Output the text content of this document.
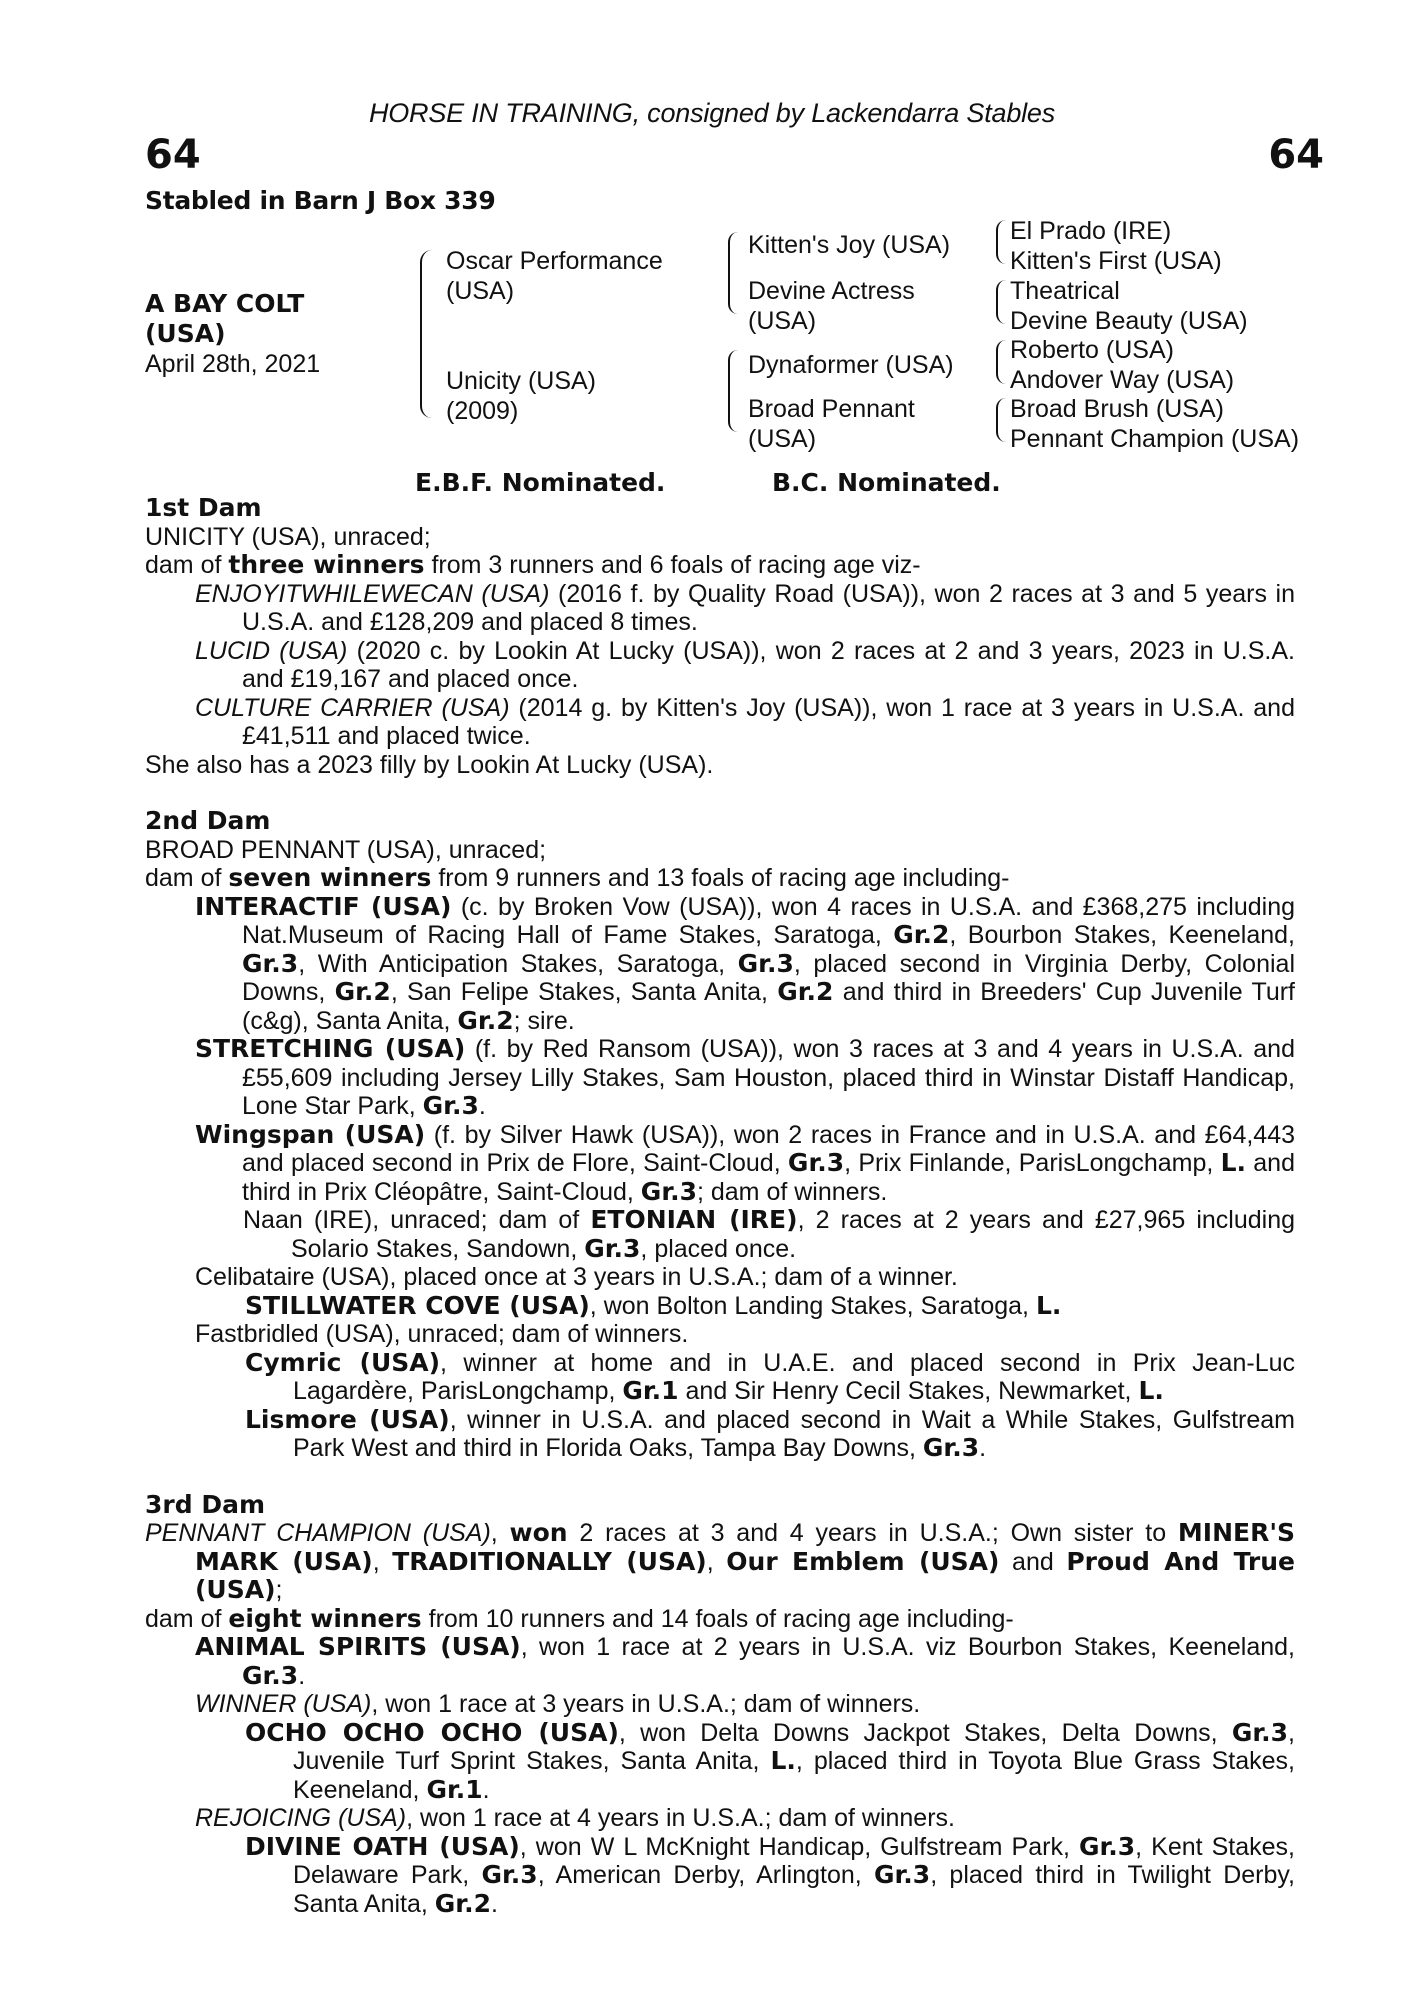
HORSE IN TRAINING, consigned by Lackendarra Stables
64	64
Stabled in Barn J Box 339
A BAY COLT
(USA)
April 28th, 2021
Oscar Performance
(USA)
Unicity (USA)
(2009)
Kitten's Joy (USA)
Devine Actress
(USA)
Dynaformer (USA)
Broad Pennant
(USA)
El Prado (IRE)
Kitten's First (USA)
Theatrical
Devine Beauty (USA)
Roberto (USA)
Andover Way (USA)
Broad Brush (USA)
Pennant Champion (USA)
E.B.F. Nominated.	B.C. Nominated.

1st Dam

UNICITY (USA), unraced;

dam of three winners from 3 runners and 6 foals of racing age viz-

ENJOYITWHILEWECAN (USA) (2016 f. by Quality Road (USA)), won 2 races at 3 and 5 years in U.S.A. and £128,209 and placed 8 times.

LUCID (USA) (2020 c. by Lookin At Lucky (USA)), won 2 races at 2 and 3 years, 2023 in U.S.A. and £19,167 and placed once.

CULTURE CARRIER (USA) (2014 g. by Kitten's Joy (USA)), won 1 race at 3 years in U.S.A. and £41,511 and placed twice.

She also has a 2023 filly by Lookin At Lucky (USA).

2nd Dam

BROAD PENNANT (USA), unraced;

dam of seven winners from 9 runners and 13 foals of racing age including-

INTERACTIF (USA) (c. by Broken Vow (USA)), won 4 races in U.S.A. and £368,275 including Nat.Museum of Racing Hall of Fame Stakes, Saratoga, Gr.2, Bourbon Stakes, Keeneland, Gr.3, With Anticipation Stakes, Saratoga, Gr.3, placed second in Virginia Derby, Colonial Downs, Gr.2, San Felipe Stakes, Santa Anita, Gr.2 and third in Breeders' Cup Juvenile Turf (c&g), Santa Anita, Gr.2; sire.

STRETCHING (USA) (f. by Red Ransom (USA)), won 3 races at 3 and 4 years in U.S.A. and £55,609 including Jersey Lilly Stakes, Sam Houston, placed third in Winstar Distaff Handicap, Lone Star Park, Gr.3.

Wingspan (USA) (f. by Silver Hawk (USA)), won 2 races in France and in U.S.A. and £64,443 and placed second in Prix de Flore, Saint-Cloud, Gr.3, Prix Finlande, ParisLongchamp, L. and third in Prix Cléopâtre, Saint-Cloud, Gr.3; dam of winners.

Naan (IRE), unraced; dam of ETONIAN (IRE), 2 races at 2 years and £27,965 including Solario Stakes, Sandown, Gr.3, placed once.

Celibataire (USA), placed once at 3 years in U.S.A.; dam of a winner.

STILLWATER COVE (USA), won Bolton Landing Stakes, Saratoga, L.

Fastbridled (USA), unraced; dam of winners.

Cymric (USA), winner at home and in U.A.E. and placed second in Prix Jean-Luc Lagardère, ParisLongchamp, Gr.1 and Sir Henry Cecil Stakes, Newmarket, L.

Lismore (USA), winner in U.S.A. and placed second in Wait a While Stakes, Gulfstream Park West and third in Florida Oaks, Tampa Bay Downs, Gr.3.

3rd Dam

PENNANT CHAMPION (USA), won 2 races at 3 and 4 years in U.S.A.; Own sister to MINER'S MARK (USA), TRADITIONALLY (USA), Our Emblem (USA) and Proud And True (USA);

dam of eight winners from 10 runners and 14 foals of racing age including-

ANIMAL SPIRITS (USA), won 1 race at 2 years in U.S.A. viz Bourbon Stakes, Keeneland, Gr.3.

WINNER (USA), won 1 race at 3 years in U.S.A.; dam of winners.

OCHO OCHO OCHO (USA), won Delta Downs Jackpot Stakes, Delta Downs, Gr.3, Juvenile Turf Sprint Stakes, Santa Anita, L., placed third in Toyota Blue Grass Stakes, Keeneland, Gr.1.

REJOICING (USA), won 1 race at 4 years in U.S.A.; dam of winners.

DIVINE OATH (USA), won W L McKnight Handicap, Gulfstream Park, Gr.3, Kent Stakes, Delaware Park, Gr.3, American Derby, Arlington, Gr.3, placed third in Twilight Derby, Santa Anita, Gr.2.
